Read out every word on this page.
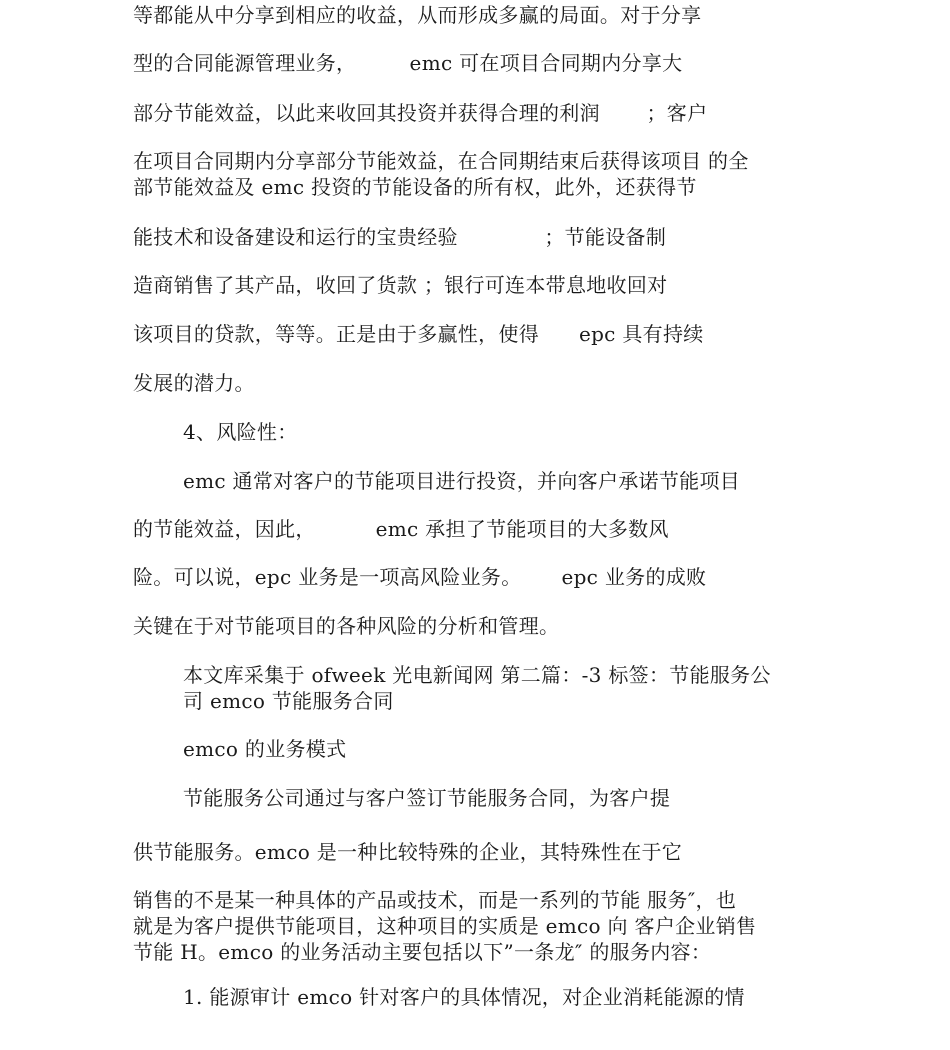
等都能从中分享到相应的收益，从而形成多赢的局面。对于分享
型的合同能源管理业务，        emc 可在项目合同期内分享大
部分节能效益，以此来收回其投资并获得合理的利润       ；客户
在项目合同期内分享部分节能效益，在合同期结束后获得该项目 的全
部节能效益及 emc 投资的节能设备的所有权，此外，还获得节
能技术和设备建设和运行的宝贵经验             ；节能设备制
造商销售了其产品，收回了货款 ；银行可连本带息地收回对
该项目的贷款，等等。正是由于多赢性，使得      epc 具有持续
发展的潜力。
4、风险性：
emc 通常对客户的节能项目进行投资，并向客户承诺节能项目
的节能效益，因此，         emc 承担了节能项目的大多数风
险。可以说，epc 业务是一项高风险业务。      epc 业务的成败
关键在于对节能项目的各种风险的分析和管理。
本文库采集于 ofweek 光电新闻网 第二篇：-3 标签：节能服务公
司 emco 节能服务合同
emco 的业务模式
节能服务公司通过与客户签订节能服务合同，为客户提
供节能服务。emco 是一种比较特殊的企业，其特殊性在于它
销售的不是某一种具体的产品或技术，而是一系列的节能 服务″，也
就是为客户提供节能项目，这种项目的实质是 emco 向 客户企业销售
节能 H。emco 的业务活动主要包括以下”一条龙″ 的服务内容：
1. 能源审计 emco 针对客户的具体情况，对企业消耗能源的情
